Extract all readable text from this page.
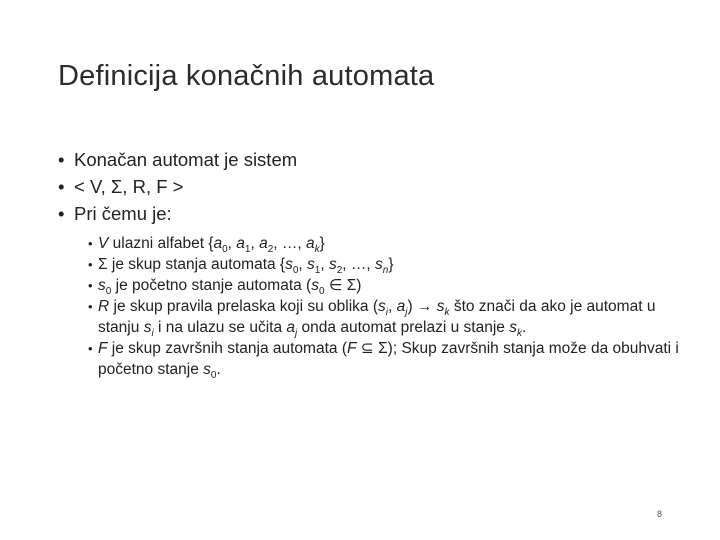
Definicija konačnih automata
• Konačan automat je sistem
• < V, Σ, R, F >
• Pri čemu je:
• V ulazni alfabet {$a_0$, $a_1$, $a_2$, …, $a_k$}
• Σ je skup stanja automata {$s_0$, $s_1$, $s_2$, …, $s_n$}
• $s_0$ je početno stanje automata ($s_0$ ∈ Σ)
• R je skup pravila prelaska koji su oblika ($s_i$, $a_j) \to s_k$ što znači da ako je automat u stanju $s_i$ i na ulazu se učita $a_j$ onda automat prelazi u stanje $s_k$.
• F je skup završnih stanja automata (F ⊆ Σ); Skup završnih stanja može da obuhvati i početno stanje $s_0$.
8
